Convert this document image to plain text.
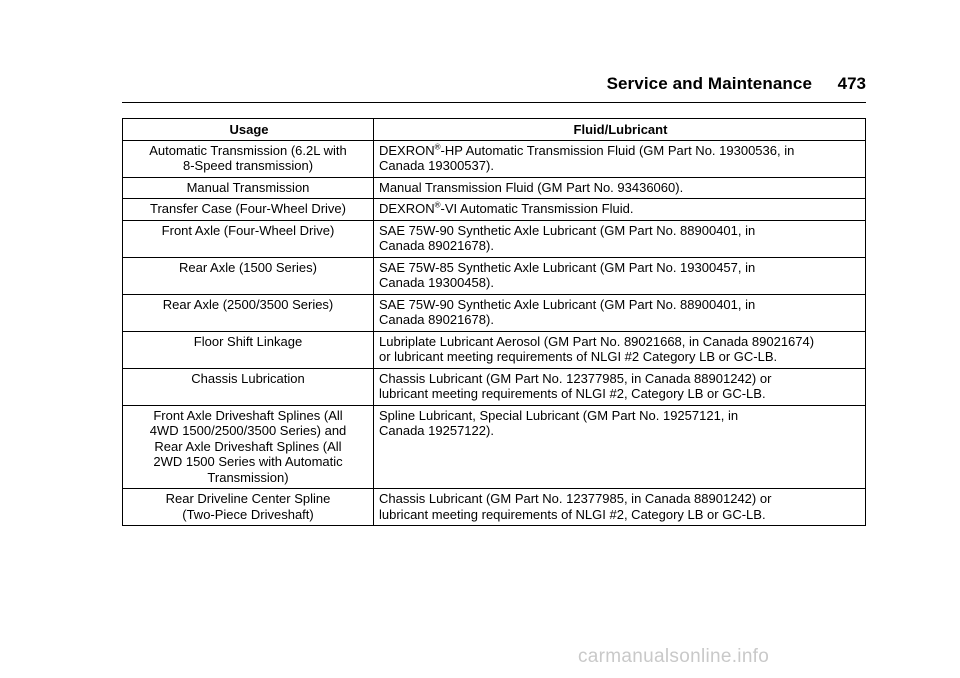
Service and Maintenance 473
Usage	Fluid/Lubricant

Automatic Transmission (6.2L with
8-Speed transmission)	DEXRON®-HP Automatic Transmission Fluid (GM Part No. 19300536, in
Canada 19300537).

Manual Transmission	Manual Transmission Fluid (GM Part No. 93436060).

Transfer Case (Four-Wheel Drive)	DEXRON®-VI Automatic Transmission Fluid.

Front Axle (Four-Wheel Drive)	SAE 75W-90 Synthetic Axle Lubricant (GM Part No. 88900401, in
Canada 89021678).

Rear Axle (1500 Series)	SAE 75W-85 Synthetic Axle Lubricant (GM Part No. 19300457, in
Canada 19300458).

Rear Axle (2500/3500 Series)	SAE 75W-90 Synthetic Axle Lubricant (GM Part No. 88900401, in
Canada 89021678).

Floor Shift Linkage	Lubriplate Lubricant Aerosol (GM Part No. 89021668, in Canada 89021674)
or lubricant meeting requirements of NLGI #2 Category LB or GC-LB.

Chassis Lubrication	Chassis Lubricant (GM Part No. 12377985, in Canada 88901242) or
lubricant meeting requirements of NLGI #2, Category LB or GC-LB.

Front Axle Driveshaft Splines (All
4WD 1500/2500/3500 Series) and
Rear Axle Driveshaft Splines (All
2WD 1500 Series with Automatic
Transmission)	Spline Lubricant, Special Lubricant (GM Part No. 19257121, in
Canada 19257122).

Rear Driveline Center Spline
(Two-Piece Driveshaft)	Chassis Lubricant (GM Part No. 12377985, in Canada 88901242) or
lubricant meeting requirements of NLGI #2, Category LB or GC-LB.
carmanualsonline.info
